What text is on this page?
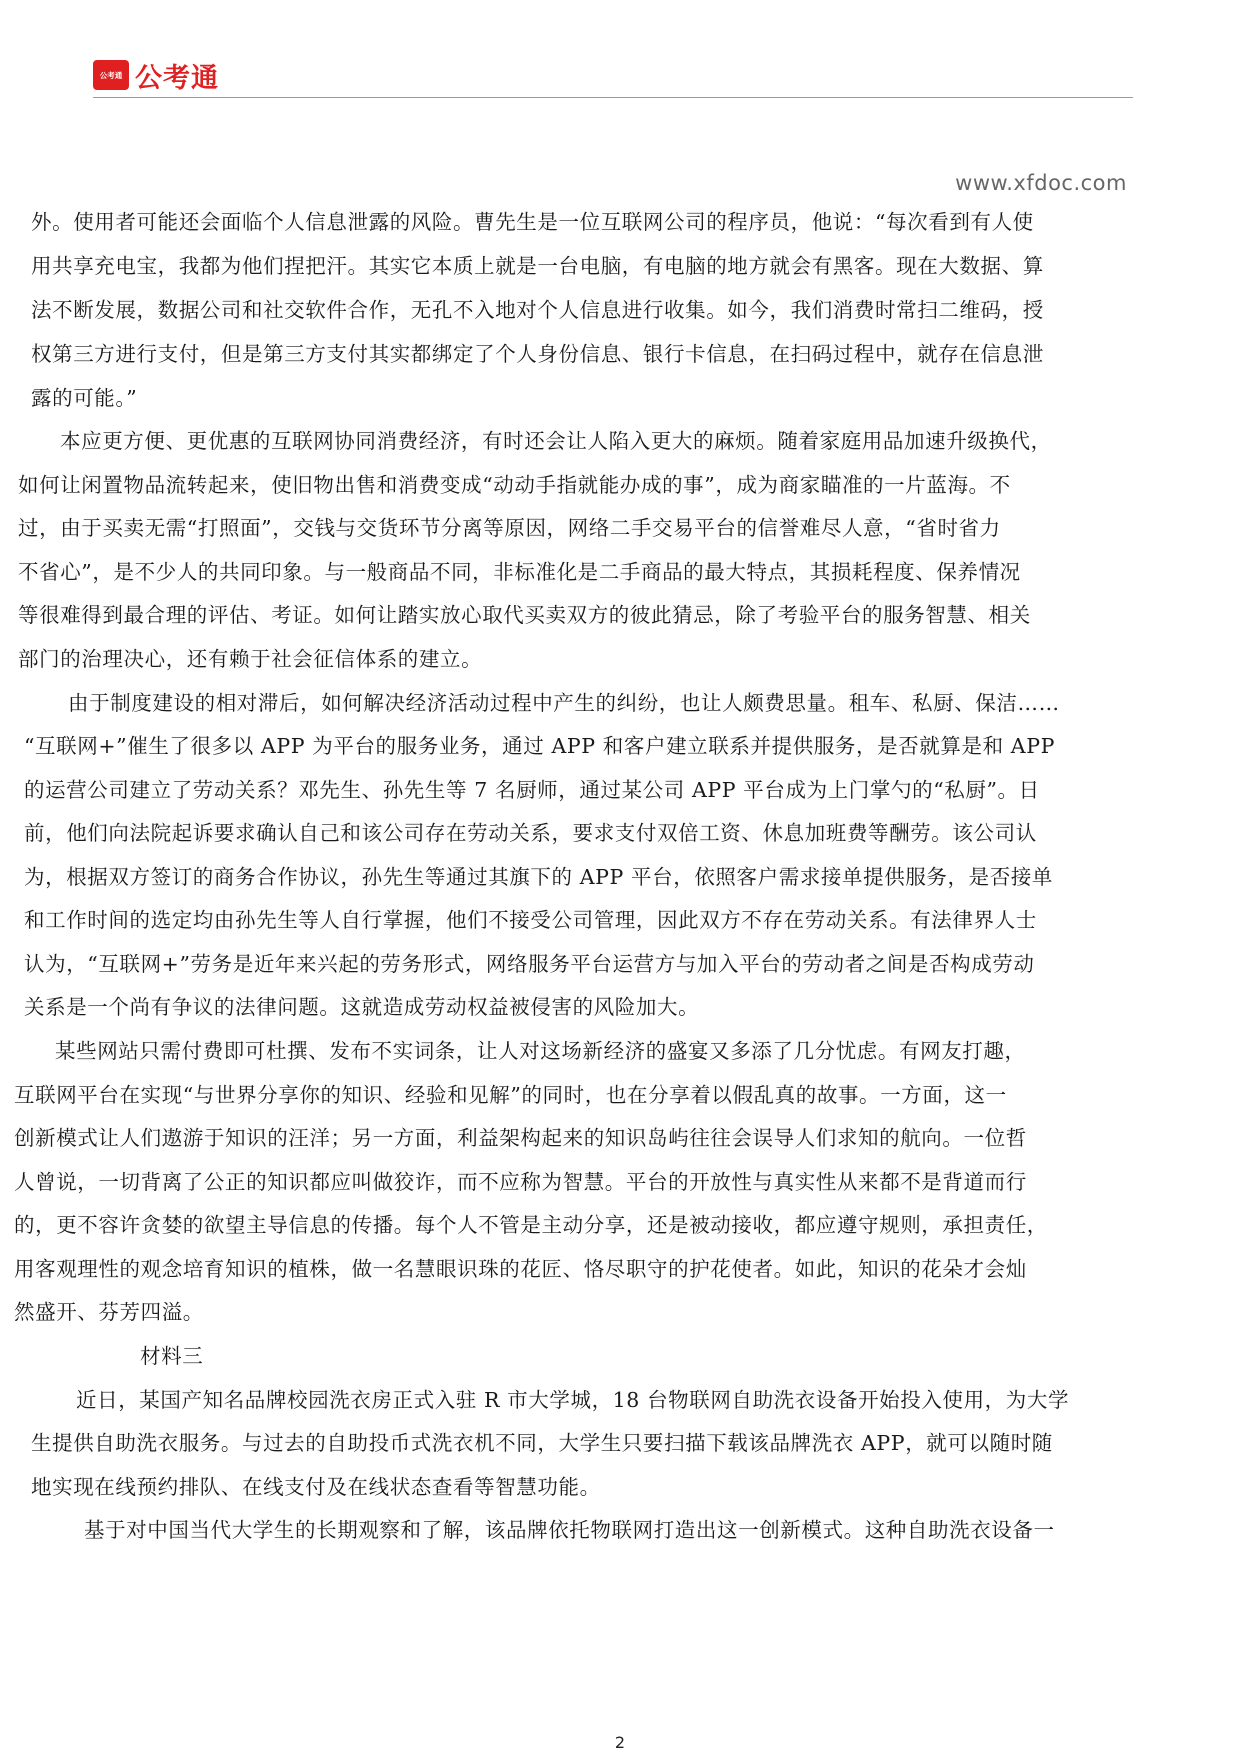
公考通 公考通
www.xfdoc.com
外。使用者可能还会面临个人信息泄露的风险。曹先生是一位互联网公司的程序员，他说：“每次看到有人使
用共享充电宝，我都为他们捏把汗。其实它本质上就是一台电脑，有电脑的地方就会有黑客。现在大数据、算
法不断发展，数据公司和社交软件合作，无孔不入地对个人信息进行收集。如今，我们消费时常扫二维码，授
权第三方进行支付，但是第三方支付其实都绑定了个人身份信息、银行卡信息，在扫码过程中，就存在信息泄
露的可能。”
本应更方便、更优惠的互联网协同消费经济，有时还会让人陷入更大的麻烦。随着家庭用品加速升级换代，
如何让闲置物品流转起来，使旧物出售和消费变成“动动手指就能办成的事”，成为商家瞄准的一片蓝海。不
过，由于买卖无需“打照面”，交钱与交货环节分离等原因，网络二手交易平台的信誉难尽人意，“省时省力
不省心”，是不少人的共同印象。与一般商品不同，非标准化是二手商品的最大特点，其损耗程度、保养情况
等很难得到最合理的评估、考证。如何让踏实放心取代买卖双方的彼此猜忌，除了考验平台的服务智慧、相关
部门的治理决心，还有赖于社会征信体系的建立。
由于制度建设的相对滞后，如何解决经济活动过程中产生的纠纷，也让人颇费思量。租车、私厨、保洁……
“互联网+”催生了很多以 APP 为平台的服务业务，通过 APP 和客户建立联系并提供服务，是否就算是和 APP
的运营公司建立了劳动关系？邓先生、孙先生等 7 名厨师，通过某公司 APP 平台成为上门掌勺的“私厨”。日
前，他们向法院起诉要求确认自己和该公司存在劳动关系，要求支付双倍工资、休息加班费等酬劳。该公司认
为，根据双方签订的商务合作协议，孙先生等通过其旗下的 APP 平台，依照客户需求接单提供服务，是否接单
和工作时间的选定均由孙先生等人自行掌握，他们不接受公司管理，因此双方不存在劳动关系。有法律界人士
认为，“互联网+”劳务是近年来兴起的劳务形式，网络服务平台运营方与加入平台的劳动者之间是否构成劳动
关系是一个尚有争议的法律问题。这就造成劳动权益被侵害的风险加大。
某些网站只需付费即可杜撰、发布不实词条，让人对这场新经济的盛宴又多添了几分忧虑。有网友打趣，
互联网平台在实现“与世界分享你的知识、经验和见解”的同时，也在分享着以假乱真的故事。一方面，这一
创新模式让人们遨游于知识的汪洋；另一方面，利益架构起来的知识岛屿往往会误导人们求知的航向。一位哲
人曾说，一切背离了公正的知识都应叫做狡诈，而不应称为智慧。平台的开放性与真实性从来都不是背道而行
的，更不容许贪婪的欲望主导信息的传播。每个人不管是主动分享，还是被动接收，都应遵守规则，承担责任，
用客观理性的观念培育知识的植株，做一名慧眼识珠的花匠、恪尽职守的护花使者。如此，知识的花朵才会灿
然盛开、芬芳四溢。
材料三
近日，某国产知名品牌校园洗衣房正式入驻 R 市大学城，18 台物联网自助洗衣设备开始投入使用，为大学
生提供自助洗衣服务。与过去的自助投币式洗衣机不同，大学生只要扫描下载该品牌洗衣 APP，就可以随时随
地实现在线预约排队、在线支付及在线状态查看等智慧功能。
基于对中国当代大学生的长期观察和了解，该品牌依托物联网打造出这一创新模式。这种自助洗衣设备一
2
